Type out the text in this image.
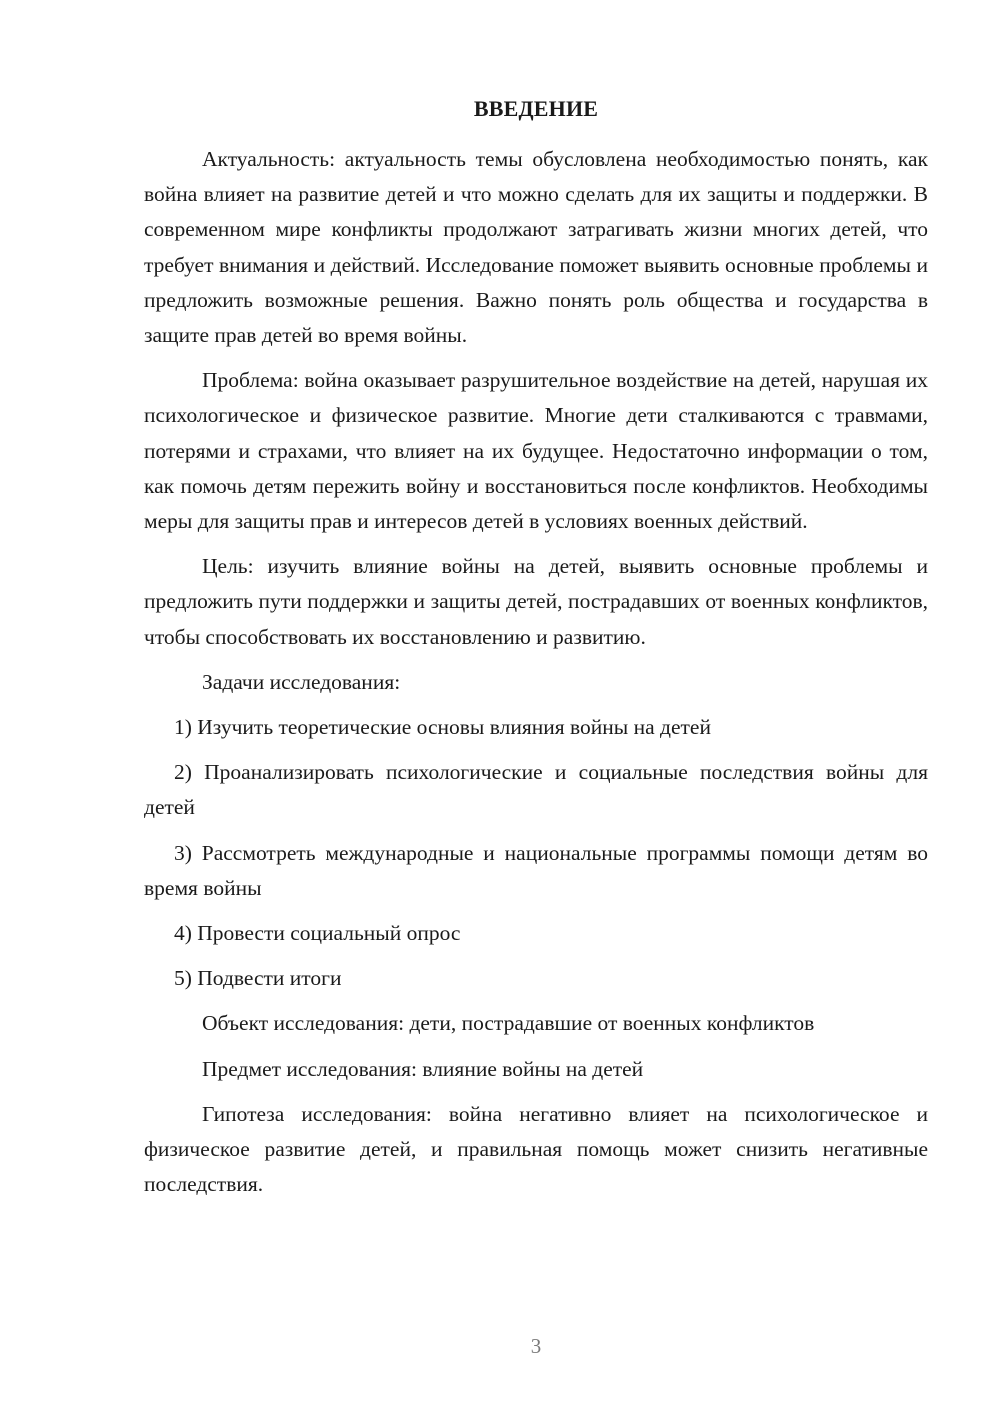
ВВЕДЕНИЕ

Актуальность: актуальность темы обусловлена необходимостью понять, как война влияет на развитие детей и что можно сделать для их защиты и поддержки. В современном мире конфликты продолжают затрагивать жизни многих детей, что требует внимания и действий. Исследование поможет выявить основные проблемы и предложить возможные решения. Важно понять роль общества и государства в защите прав детей во время войны.

Проблема: война оказывает разрушительное воздействие на детей, нарушая их психологическое и физическое развитие. Многие дети сталкиваются с травмами, потерями и страхами, что влияет на их будущее. Недостаточно информации о том, как помочь детям пережить войну и восстановиться после конфликтов. Необходимы меры для защиты прав и интересов детей в условиях военных действий.

Цель: изучить влияние войны на детей, выявить основные проблемы и предложить пути поддержки и защиты детей, пострадавших от военных конфликтов, чтобы способствовать их восстановлению и развитию.

Задачи исследования:

1) Изучить теоретические основы влияния войны на детей

2) Проанализировать психологические и социальные последствия войны для детей

3) Рассмотреть международные и национальные программы помощи детям во время войны

4) Провести социальный опрос

5) Подвести итоги

Объект исследования: дети, пострадавшие от военных конфликтов

Предмет исследования: влияние войны на детей

Гипотеза исследования: война негативно влияет на психологическое и физическое развитие детей, и правильная помощь может снизить негативные последствия.

3
